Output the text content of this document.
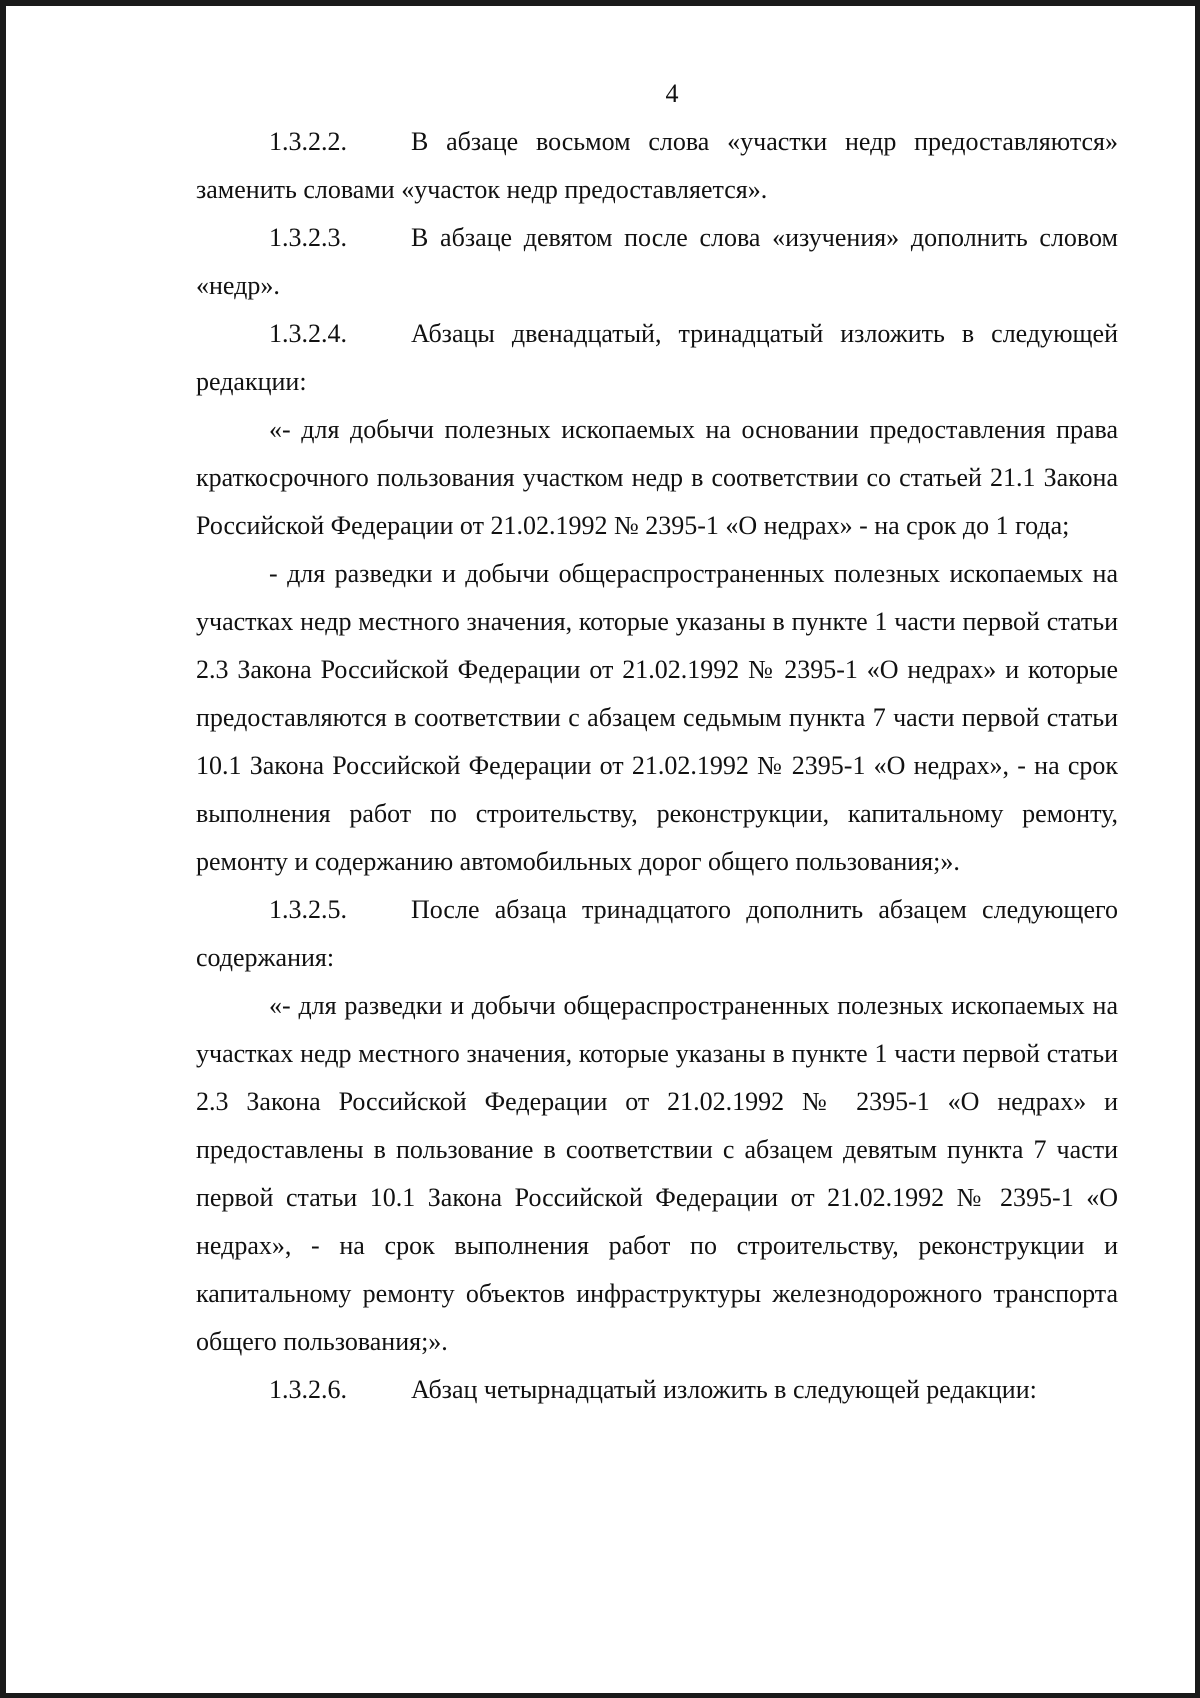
4

1.3.2.2. В абзаце восьмом слова «участки недр предоставляются» заменить словами «участок недр предоставляется».

1.3.2.3. В абзаце девятом после слова «изучения» дополнить словом «недр».

1.3.2.4. Абзацы двенадцатый, тринадцатый изложить в следующей редакции:

«- для добычи полезных ископаемых на основании предоставления права краткосрочного пользования участком недр в соответствии со статьей 21.1 Закона Российской Федерации от 21.02.1992 № 2395-1 «О недрах» - на срок до 1 года;

- для разведки и добычи общераспространенных полезных ископаемых на участках недр местного значения, которые указаны в пункте 1 части первой статьи 2.3 Закона Российской Федерации от 21.02.1992 № 2395-1 «О недрах» и которые предоставляются в соответствии с абзацем седьмым пункта 7 части первой статьи 10.1 Закона Российской Федерации от 21.02.1992 № 2395-1 «О недрах», - на срок выполнения работ по строительству, реконструкции, капитальному ремонту, ремонту и содержанию автомобильных дорог общего пользования;».

1.3.2.5. После абзаца тринадцатого дополнить абзацем следующего содержания:

«- для разведки и добычи общераспространенных полезных ископаемых на участках недр местного значения, которые указаны в пункте 1 части первой статьи 2.3 Закона Российской Федерации от 21.02.1992 № 2395-1 «О недрах» и предоставлены в пользование в соответствии с абзацем девятым пункта 7 части первой статьи 10.1 Закона Российской Федерации от 21.02.1992 № 2395-1 «О недрах», - на срок выполнения работ по строительству, реконструкции и капитальному ремонту объектов инфраструктуры железнодорожного транспорта общего пользования;».

1.3.2.6. Абзац четырнадцатый изложить в следующей редакции:
